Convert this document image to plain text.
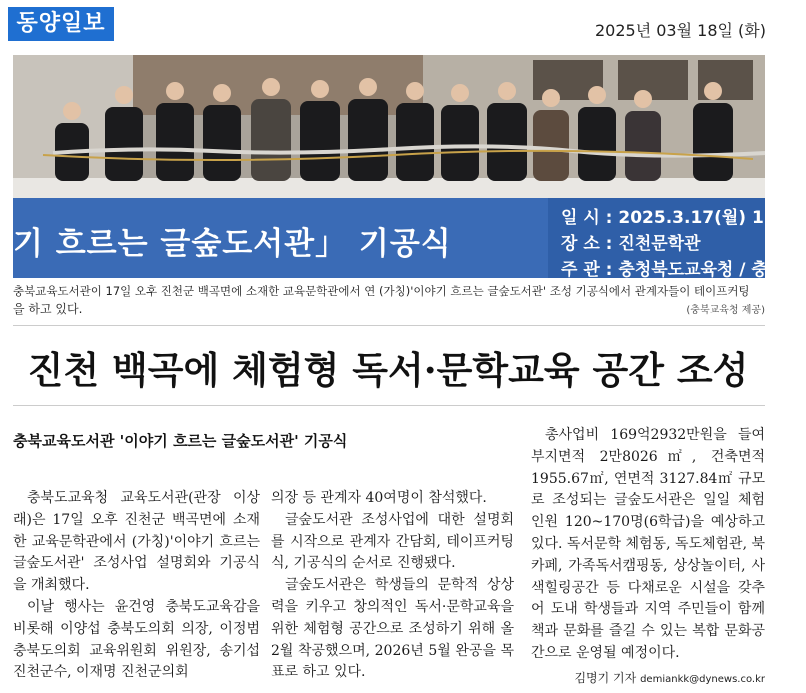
동양일보	2025년 03월 18일 (화)
기 흐르는 글숲도서관」 기공식
일 시 : 2025.3.17(월) 15:30
장 소 : 진천문학관
주 관 : 충청북도교육청 / 충
충북교육도서관이 17일 오후 진천군 백곡면에 소재한 교육문학관에서 연 (가칭)'이야기 흐르는 글숲도서관' 조성 기공식에서 관계자들이 테이프커팅
을 하고 있다.	(충북교육청 제공)
진천 백곡에 체험형 독서·문학교육 공간 조성
충북교육도서관 '이야기 흐르는 글숲도서관' 기공식

충북도교육청 교육도서관(관장 이상래)은 17일 오후 진천군 백곡면에 소재한 교육문학관에서 (가칭)'이야기 흐르는 글숲도서관' 조성사업 설명회와 기공식을 개최했다.

이날 행사는 윤건영 충북도교육감을 비롯해 이양섭 충북도의회 의장, 이정범 충북도의회 교육위원회 위원장, 송기섭 진천군수, 이재명 진천군의회

의장 등 관계자 40여명이 참석했다.

글숲도서관 조성사업에 대한 설명회를 시작으로 관계자 간담회, 테이프커팅식, 기공식의 순서로 진행됐다.

글숲도서관은 학생들의 문학적 상상력을 키우고 창의적인 독서·문학교육을 위한 체험형 공간으로 조성하기 위해 올 2월 착공했으며, 2026년 5월 완공을 목표로 하고 있다.

총사업비 169억2932만원을 들여 부지면적 2만8026㎡, 건축면적 1955.67㎡, 연면적 3127.84㎡ 규모로 조성되는 글숲도서관은 일일 체험 인원 120~170명(6학급)을 예상하고 있다. 독서문학 체험동, 독도체험관, 북카페, 가족독서캠핑동, 상상놀이터, 사색힐링공간 등 다채로운 시설을 갖추어 도내 학생들과 지역 주민들이 함께 책과 문화를 즐길 수 있는 복합 문화공간으로 운영될 예정이다.

김명기 기자 demiankk@dynews.co.kr
